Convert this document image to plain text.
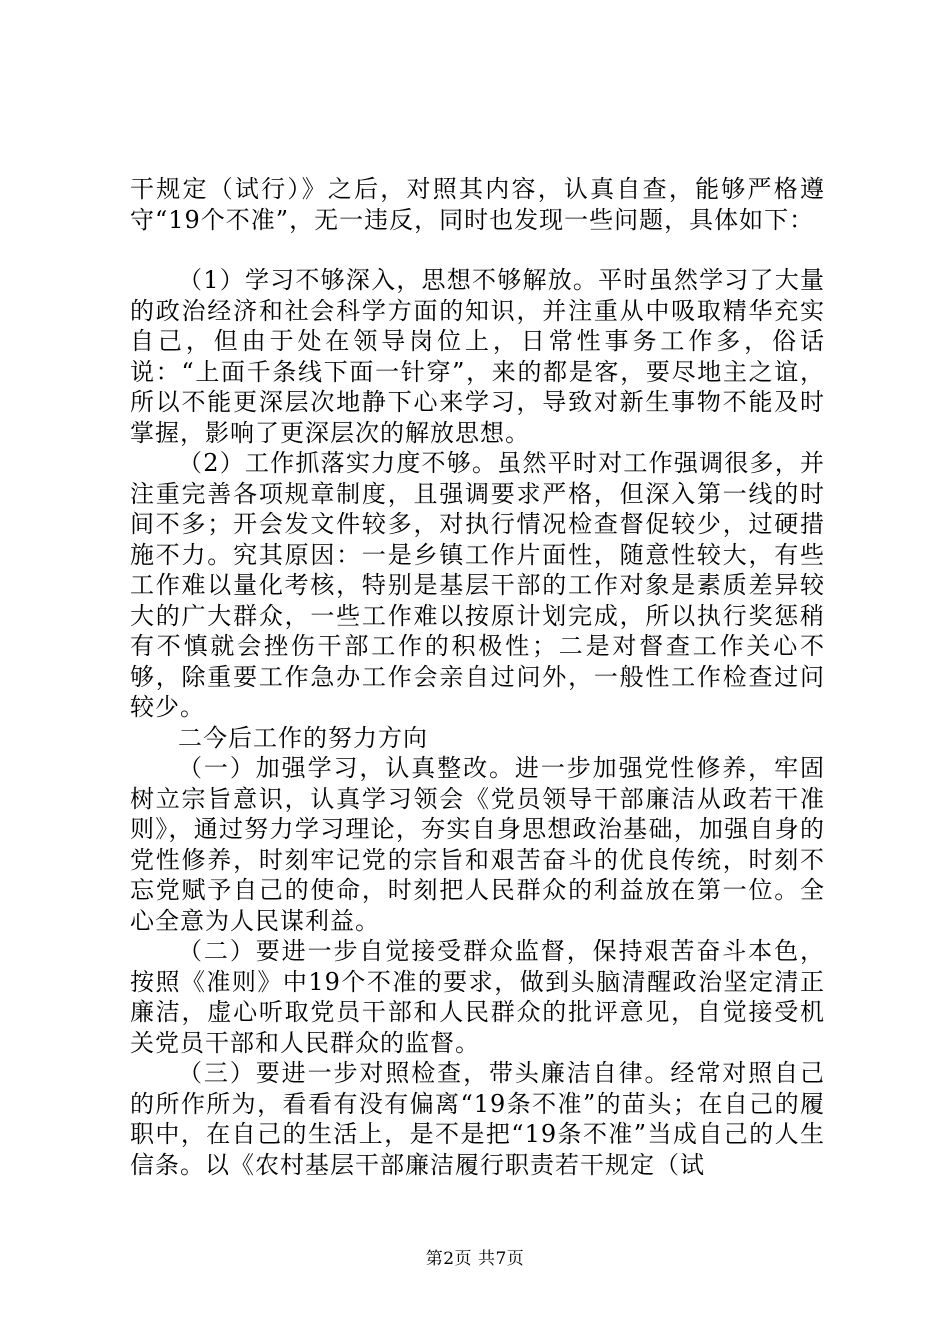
干规定（试行）》之后，对照其内容，认真自查，能够严格遵守“19个不准”，无一违反，同时也发现一些问题，具体如下：

（1）学习不够深入，思想不够解放。平时虽然学习了大量的政治经济和社会科学方面的知识，并注重从中吸取精华充实自己，但由于处在领导岗位上，日常性事务工作多，俗话说：“上面千条线下面一针穿”，来的都是客，要尽地主之谊，所以不能更深层次地静下心来学习，导致对新生事物不能及时掌握，影响了更深层次的解放思想。

（2）工作抓落实力度不够。虽然平时对工作强调很多，并注重完善各项规章制度，且强调要求严格，但深入第一线的时间不多；开会发文件较多，对执行情况检查督促较少，过硬措施不力。究其原因：一是乡镇工作片面性，随意性较大，有些工作难以量化考核，特别是基层干部的工作对象是素质差异较大的广大群众，一些工作难以按原计划完成，所以执行奖惩稍有不慎就会挫伤干部工作的积极性；二是对督查工作关心不够，除重要工作急办工作会亲自过问外，一般性工作检查过问较少。

二今后工作的努力方向

（一）加强学习，认真整改。进一步加强党性修养，牢固树立宗旨意识，认真学习领会《党员领导干部廉洁从政若干准则》，通过努力学习理论，夯实自身思想政治基础，加强自身的党性修养，时刻牢记党的宗旨和艰苦奋斗的优良传统，时刻不忘党赋予自己的使命，时刻把人民群众的利益放在第一位。全心全意为人民谋利益。

（二）要进一步自觉接受群众监督，保持艰苦奋斗本色，按照《准则》中19个不准的要求，做到头脑清醒政治坚定清正廉洁，虚心听取党员干部和人民群众的批评意见，自觉接受机关党员干部和人民群众的监督。

（三）要进一步对照检查，带头廉洁自律。经常对照自己的所作所为，看看有没有偏离“19条不准”的苗头；在自己的履职中，在自己的生活上，是不是把“19条不准”当成自己的人生信条。以《农村基层干部廉洁履行职责若干规定（试

第2页 共7页
